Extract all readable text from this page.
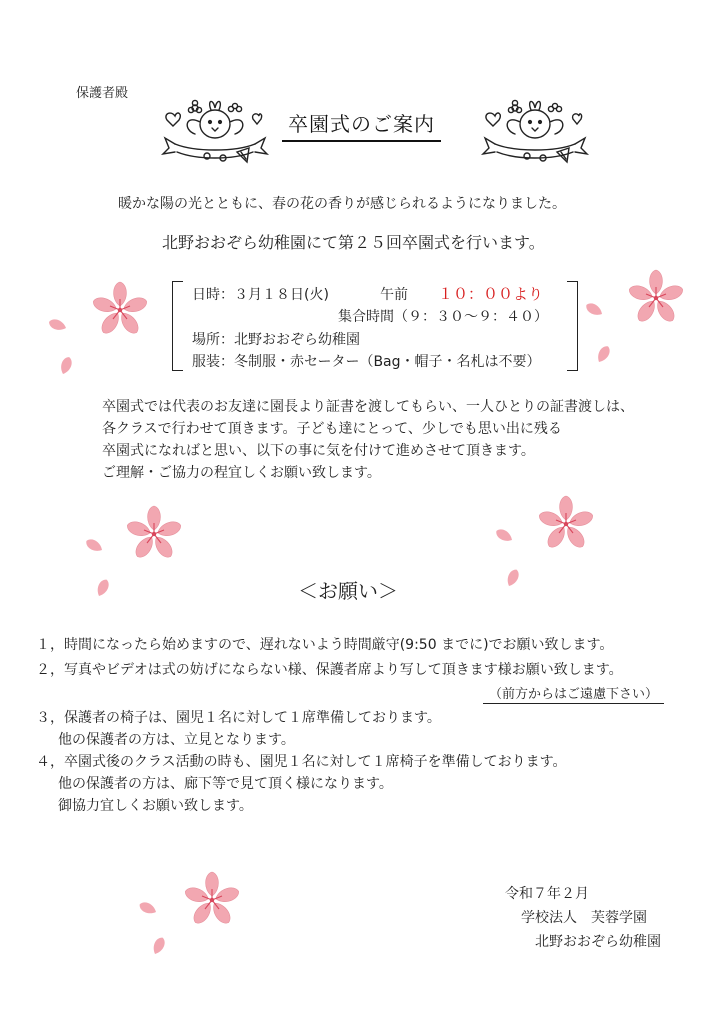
保護者殿
卒園式のご案内
暖かな陽の光とともに、春の花の香りが感じられるようになりました。
北野おおぞら幼稚園にて第２５回卒園式を行います。
日時：３月１８日(火)	午前 １０：００より
集合時間（９：３０〜９：４０）
場所：北野おおぞら幼稚園
服装：冬制服・赤セーター（Bag・帽子・名札は不要）
卒園式では代表のお友達に園長より証書を渡してもらい、一人ひとりの証書渡しは、
各クラスで行わせて頂きます。子ども達にとって、少しでも思い出に残る
卒園式になればと思い、以下の事に気を付けて進めさせて頂きます。
ご理解・ご協力の程宜しくお願い致します。
＜お願い＞
１，時間になったら始めますので、遅れないよう時間厳守(9:50 までに)でお願い致します。
２，写真やビデオは式の妨げにならない様、保護者席より写して頂きます様お願い致します。
（前方からはご遠慮下さい）
３，保護者の椅子は、園児１名に対して１席準備しております。
他の保護者の方は、立見となります。
４，卒園式後のクラス活動の時も、園児１名に対して１席椅子を準備しております。
他の保護者の方は、廊下等で見て頂く様になります。
御協力宜しくお願い致します。
令和７年２月
学校法人　芙蓉学園
北野おおぞら幼稚園
